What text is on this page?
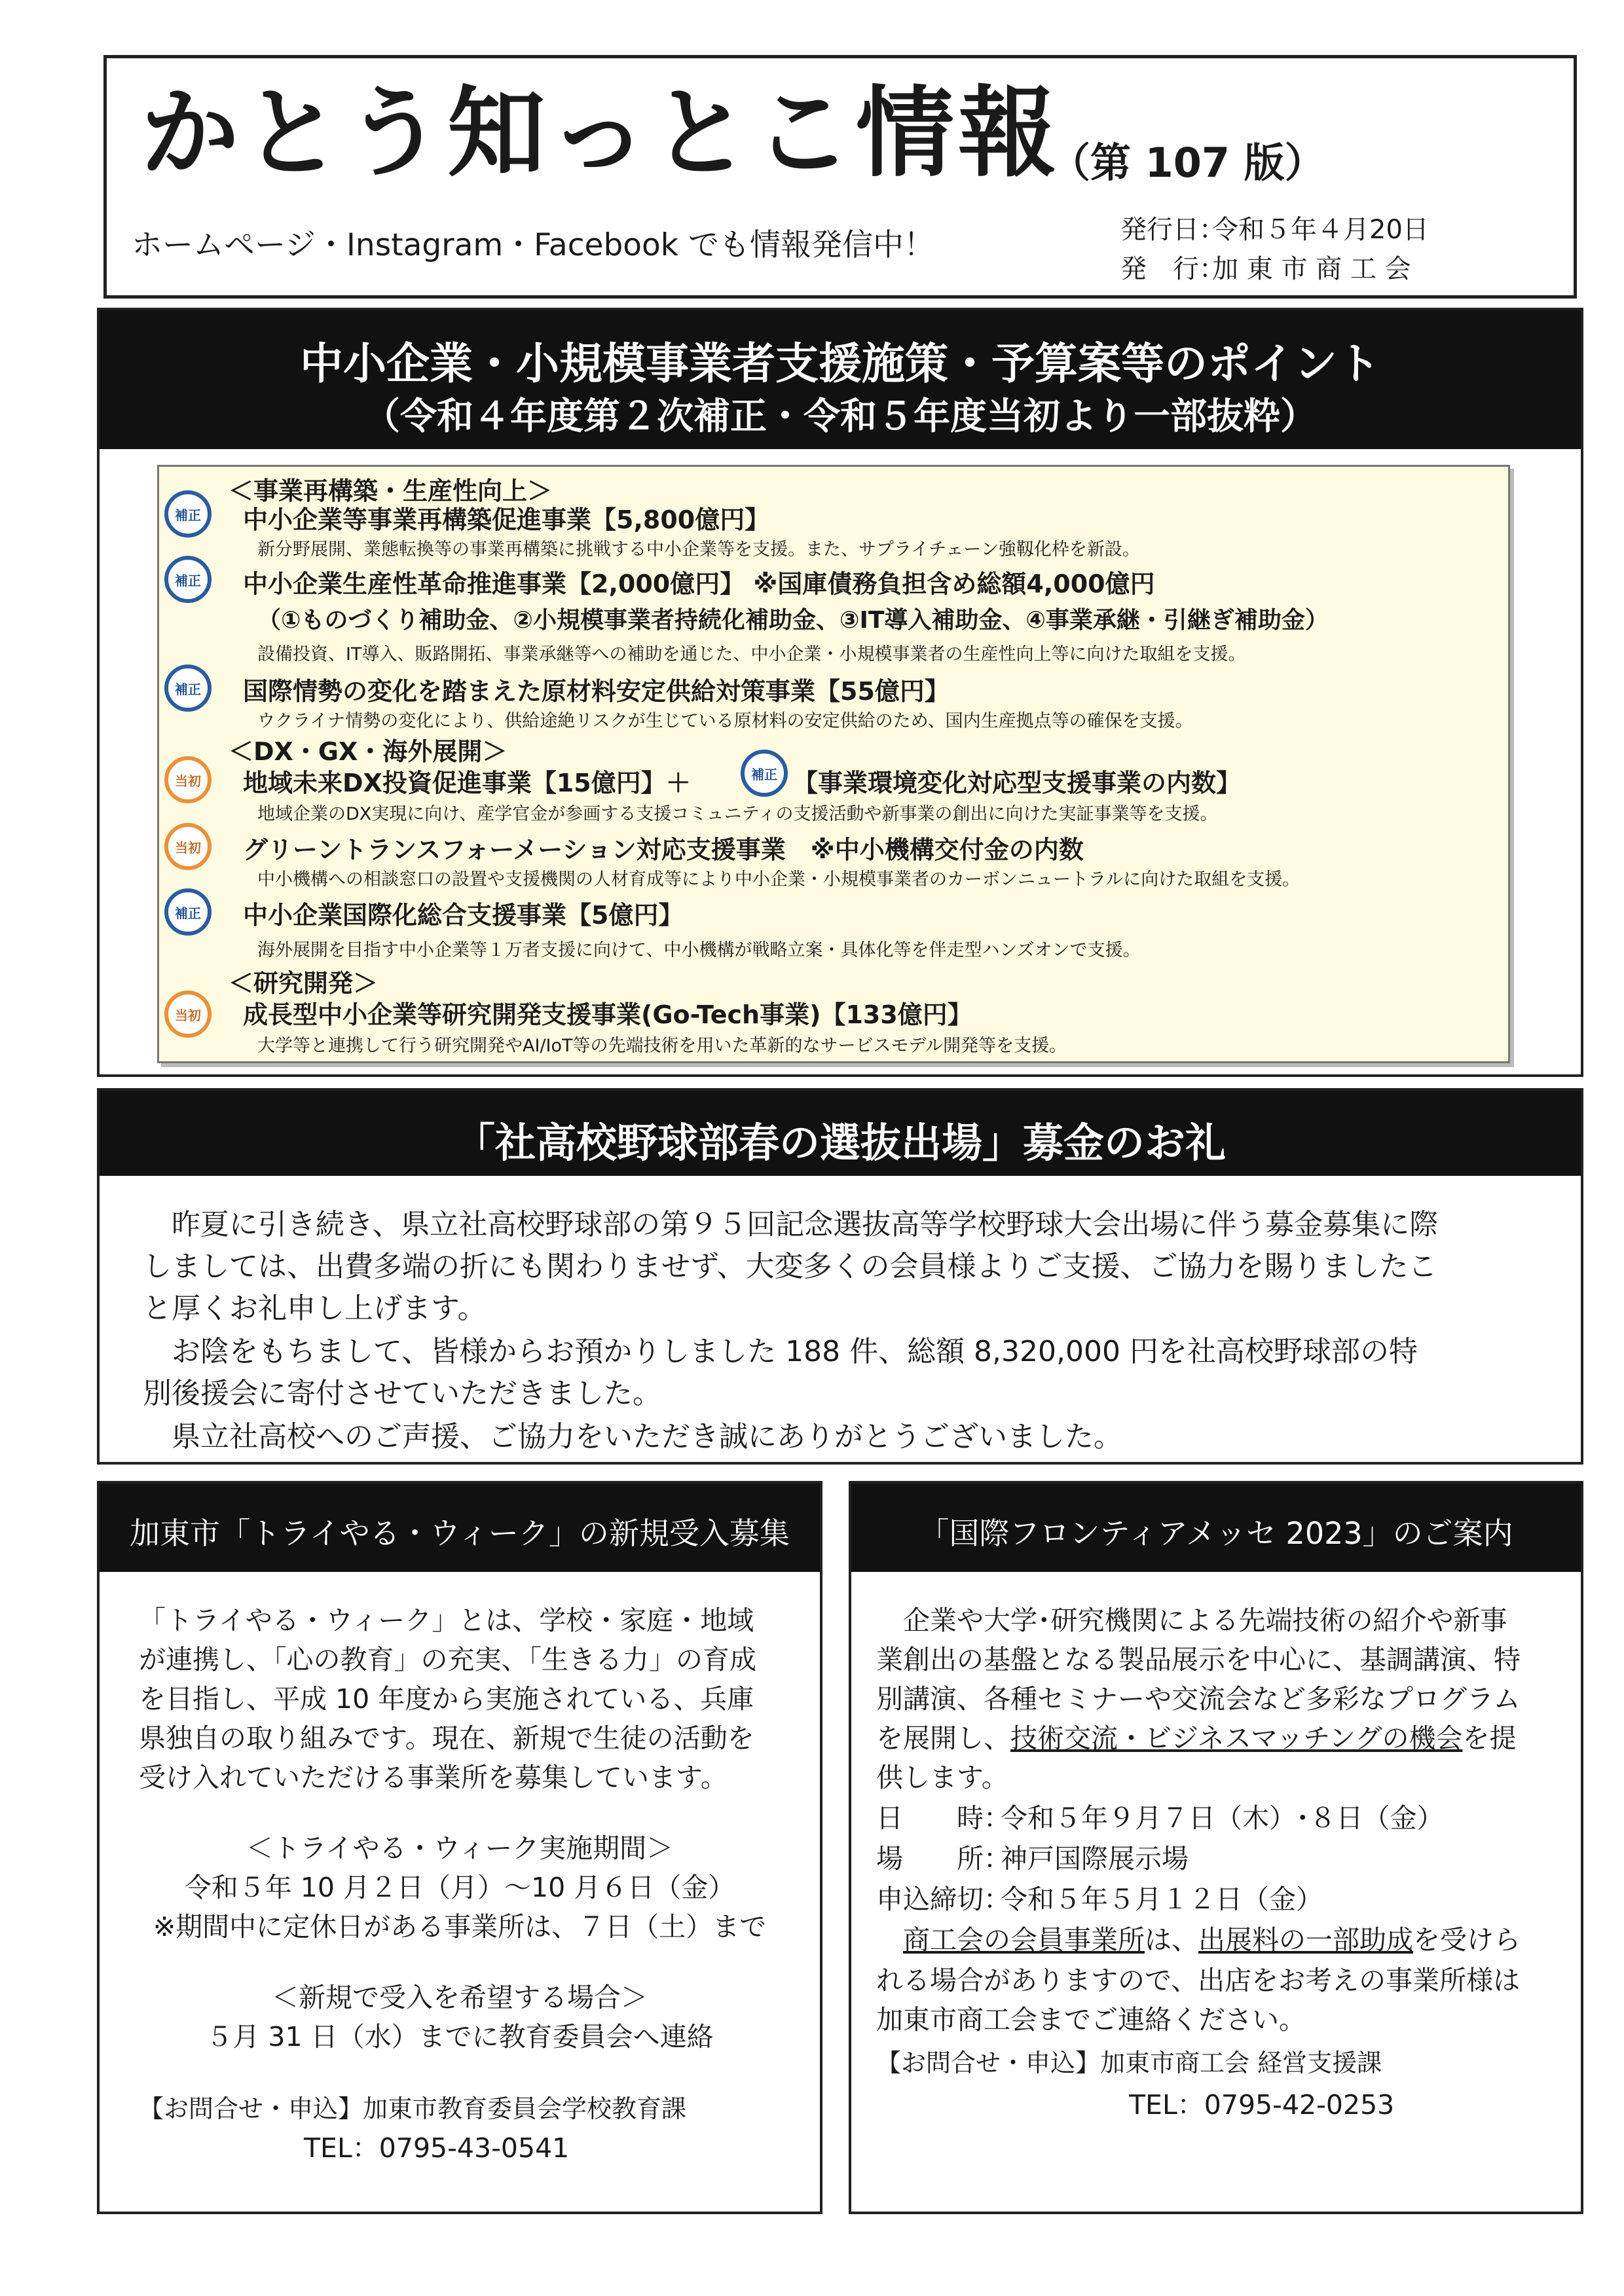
かとう知っとこ情報
（第 107 版）
ホームページ・Instagram・Facebook でも情報発信中！	発行日：令和５年４月20日
発　行：加 東 市 商 工 会
中小企業・小規模事業者支援施策・予算案等のポイント
（令和４年度第２次補正・令和５年度当初より一部抜粋）
＜事業再構築・生産性向上＞
補正	中小企業等事業再構築促進事業【5,800億円】
新分野展開、業態転換等の事業再構築に挑戦する中小企業等を支援。また、サプライチェーン強靱化枠を新設。
補正	中小企業生産性革命推進事業【2,000億円】 ※国庫債務負担含め総額4,000億円
（①ものづくり補助金、②小規模事業者持続化補助金、③IT導入補助金、④事業承継・引継ぎ補助金）
設備投資、IT導入、販路開拓、事業承継等への補助を通じた、中小企業・小規模事業者の生産性向上等に向けた取組を支援。
補正	国際情勢の変化を踏まえた原材料安定供給対策事業【55億円】
ウクライナ情勢の変化により、供給途絶リスクが生じている原材料の安定供給のため、国内生産拠点等の確保を支援。
＜DX・GX・海外展開＞
当初	地域未来DX投資促進事業【15億円】＋	補正 【事業環境変化対応型支援事業の内数】
地域企業のDX実現に向け、産学官金が参画する支援コミュニティの支援活動や新事業の創出に向けた実証事業等を支援。
当初	グリーントランスフォーメーション対応支援事業　※中小機構交付金の内数
中小機構への相談窓口の設置や支援機関の人材育成等により中小企業・小規模事業者のカーボンニュートラルに向けた取組を支援。
補正	中小企業国際化総合支援事業【5億円】
海外展開を目指す中小企業等１万者支援に向けて、中小機構が戦略立案・具体化等を伴走型ハンズオンで支援。
＜研究開発＞
当初	成長型中小企業等研究開発支援事業(Go-Tech事業)【133億円】
大学等と連携して行う研究開発やAI/IoT等の先端技術を用いた革新的なサービスモデル開発等を支援。
「社高校野球部春の選抜出場」募金のお礼
　昨夏に引き続き、県立社高校野球部の第９５回記念選抜高等学校野球大会出場に伴う募金募集に際
しましては、出費多端の折にも関わりませず、大変多くの会員様よりご支援、ご協力を賜りましたこ
と厚くお礼申し上げます。
　お陰をもちまして、皆様からお預かりしました 188 件、総額 8,320,000 円を社高校野球部の特
別後援会に寄付させていただきました。
　県立社高校へのご声援、ご協力をいただき誠にありがとうございました。
加東市「トライやる・ウィーク」の新規受入募集
「トライやる・ウィーク」とは、学校・家庭・地域
が連携し、「心の教育」の充実、「生きる力」の育成
を目指し、平成 10 年度から実施されている、兵庫
県独自の取り組みです。現在、新規で生徒の活動を
受け入れていただける事業所を募集しています。
＜トライやる・ウィーク実施期間＞
令和５年 10 月２日（月）～10 月６日（金）
※期間中に定休日がある事業所は、７日（土）まで
＜新規で受入を希望する場合＞
５月 31 日（水）までに教育委員会へ連絡
【お問合せ・申込】加東市教育委員会学校教育課
TEL：0795-43-0541
「国際フロンティアメッセ 2023」のご案内
　企業や大学･研究機関による先端技術の紹介や新事
業創出の基盤となる製品展示を中心に、基調講演、特
別講演、各種セミナーや交流会など多彩なプログラム
を展開し、技術交流・ビジネスマッチングの機会を提
供します。
日　　時：令和５年９月７日（木）･８日（金）
場　　所：神戸国際展示場
申込締切：令和５年５月１２日（金）
　商工会の会員事業所は、出展料の一部助成を受けら
れる場合がありますので、出店をお考えの事業所様は
加東市商工会までご連絡ください。
【お問合せ・申込】加東市商工会 経営支援課
TEL：0795-42-0253
